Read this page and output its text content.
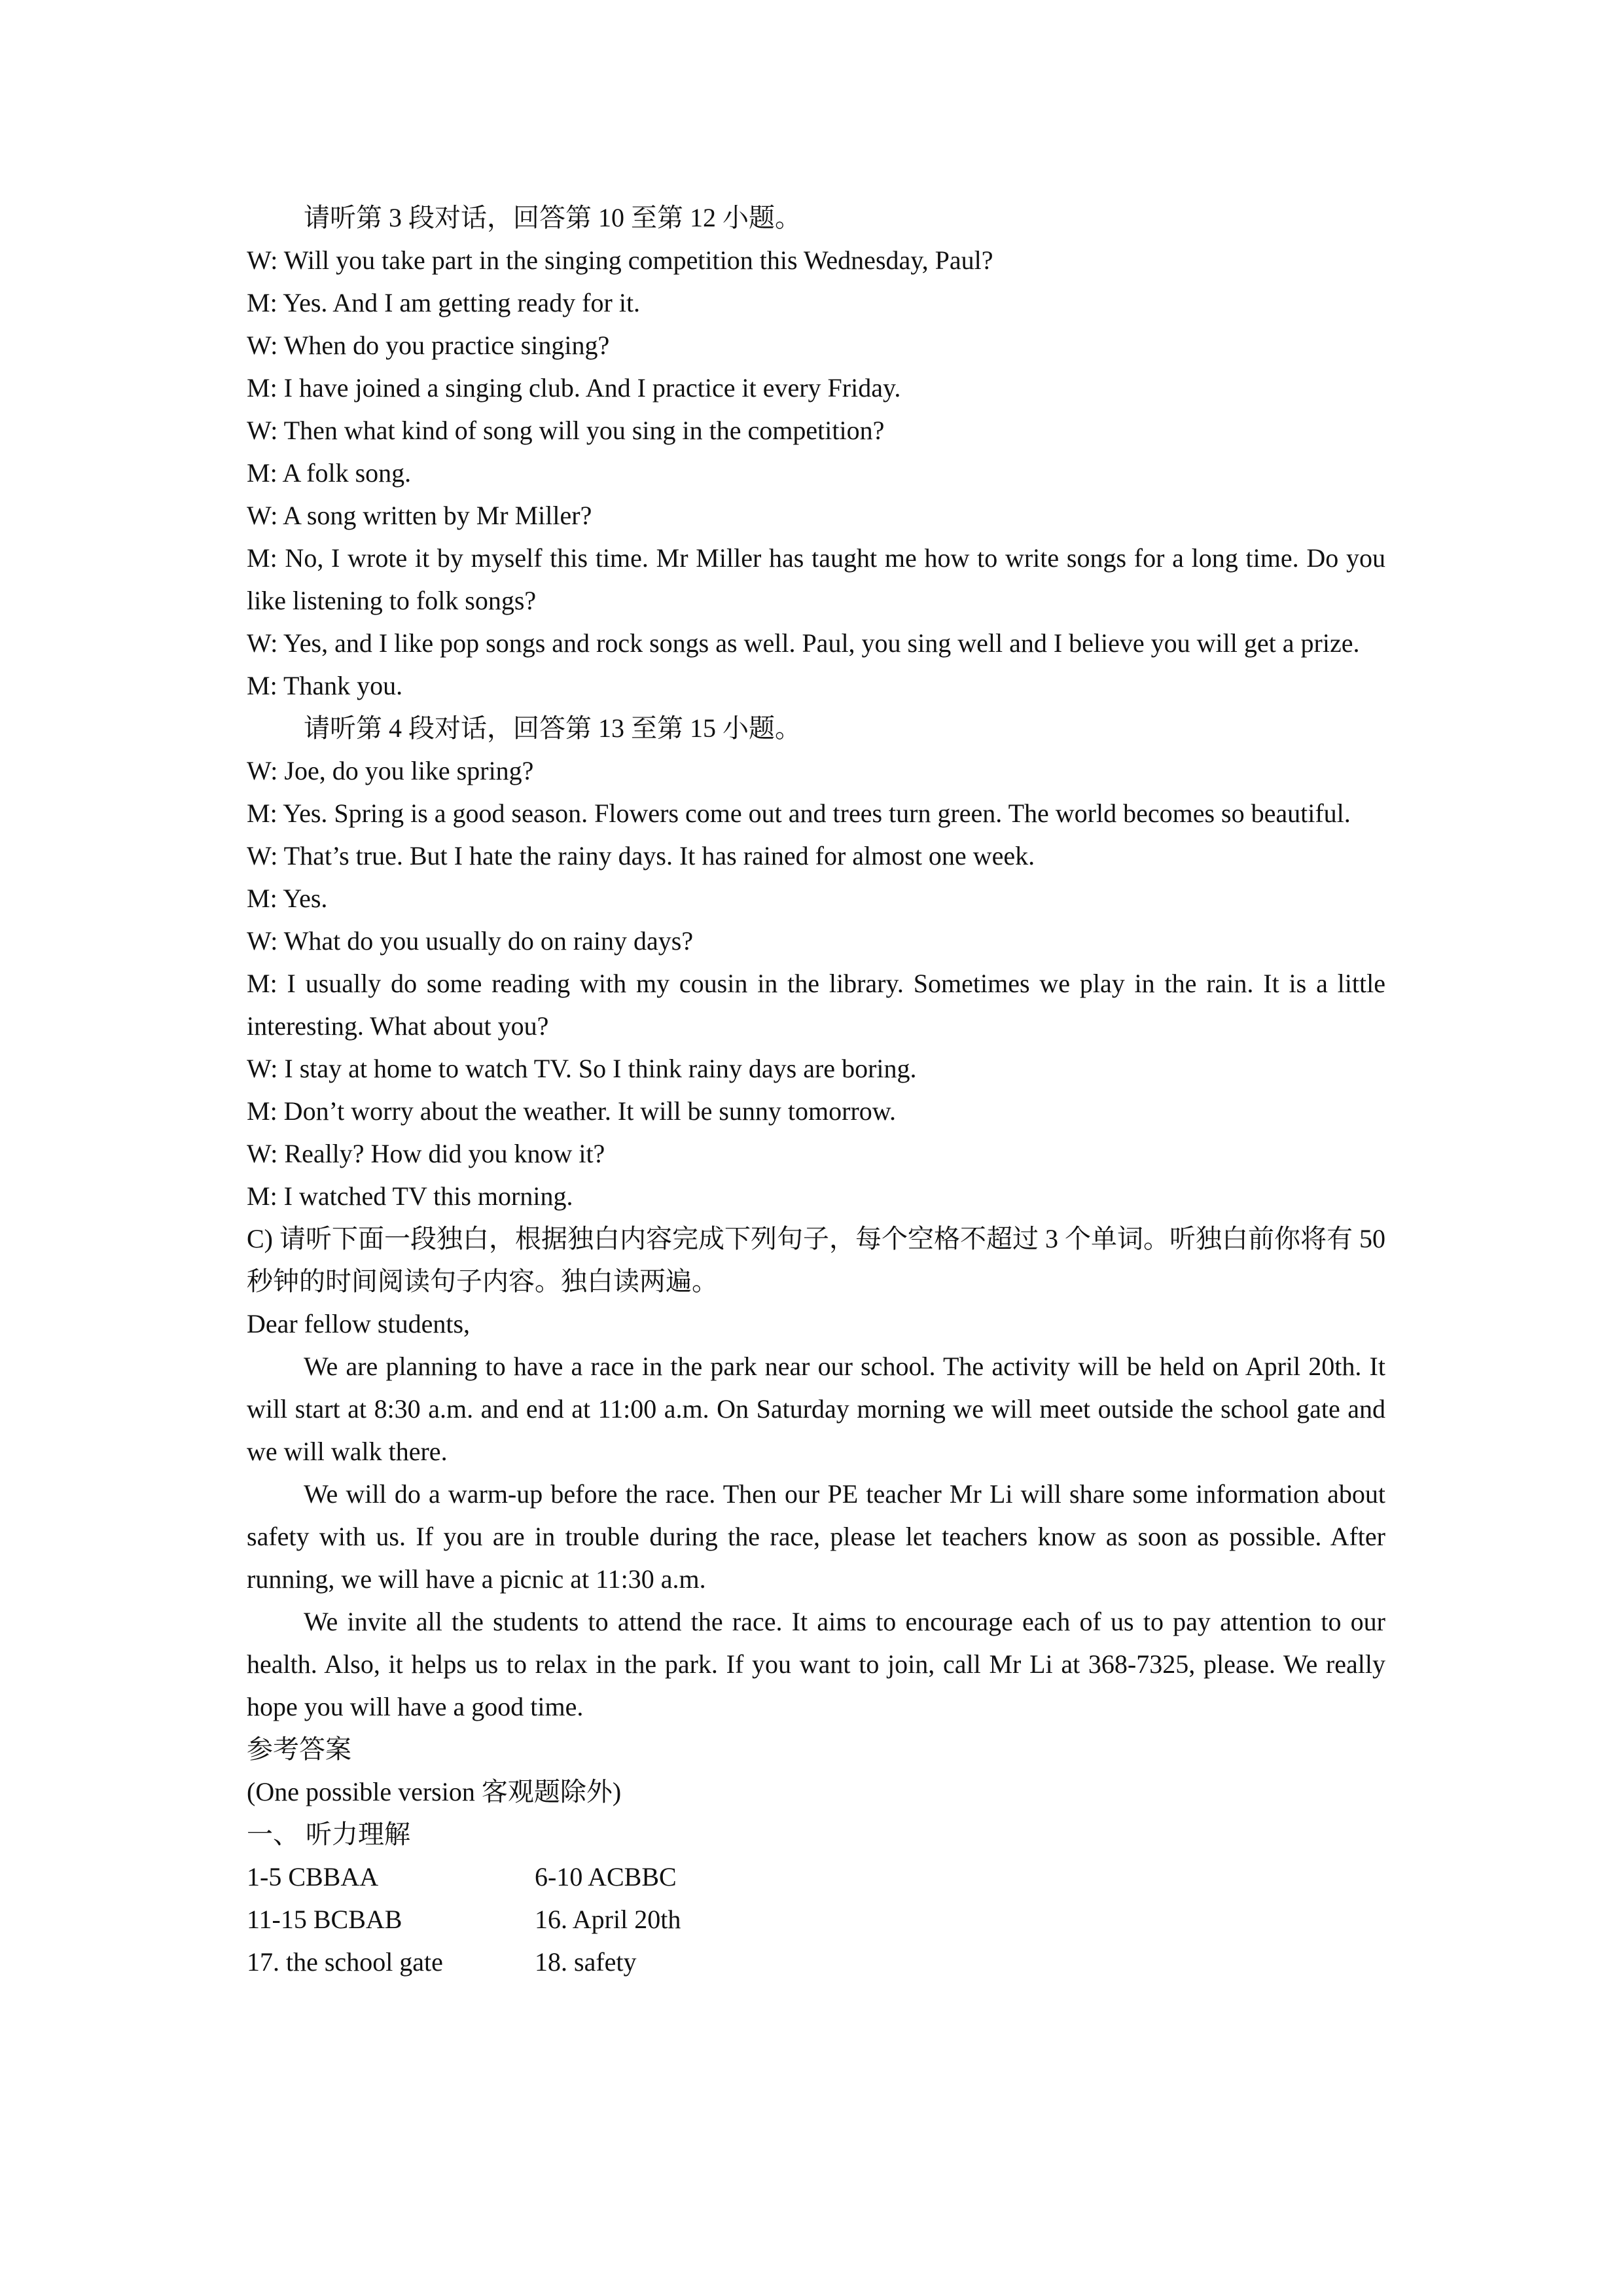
请听第 3 段对话，回答第 10 至第 12 小题。

W: Will you take part in the singing competition this Wednesday, Paul?

M: Yes. And I am getting ready for it.

W: When do you practice singing?

M: I have joined a singing club. And I practice it every Friday.

W: Then what kind of song will you sing in the competition?

M: A folk song.

W: A song written by Mr Miller?

M: No, I wrote it by myself this time. Mr Miller has taught me how to write songs for a long time. Do you like listening to folk songs?

W: Yes, and I like pop songs and rock songs as well. Paul, you sing well and I believe you will get a prize.

M: Thank you.

请听第 4 段对话，回答第 13 至第 15 小题。

W: Joe, do you like spring?

M: Yes. Spring is a good season. Flowers come out and trees turn green. The world becomes so beautiful.

W: That’s true. But I hate the rainy days. It has rained for almost one week.

M: Yes.

W: What do you usually do on rainy days?

M: I usually do some reading with my cousin in the library. Sometimes we play in the rain. It is a little interesting. What about you?

W: I stay at home to watch TV. So I think rainy days are boring.

M: Don’t worry about the weather. It will be sunny tomorrow.

W: Really? How did you know it?

M: I watched TV this morning.

C) 请听下面一段独白，根据独白内容完成下列句子，每个空格不超过 3 个单词。听独白前你将有 50 秒钟的时间阅读句子内容。独白读两遍。

Dear fellow students,

We are planning to have a race in the park near our school. The activity will be held on April 20th. It will start at 8:30 a.m. and end at 11:00 a.m. On Saturday morning we will meet outside the school gate and we will walk there.

We will do a warm-up before the race. Then our PE teacher Mr Li will share some information about safety with us. If you are in trouble during the race, please let teachers know as soon as possible. After running, we will have a picnic at 11:30 a.m.

We invite all the students to attend the race. It aims to encourage each of us to pay attention to our health. Also, it helps us to relax in the park. If you want to join, call Mr Li at 368-7325, please. We really hope you will have a good time.

参考答案

(One possible version 客观题除外)

一、 听力理解

1-5 CBBAA	6-10 ACBBC
11-15 BCBAB	16. April 20th
17. the school gate	18. safety
